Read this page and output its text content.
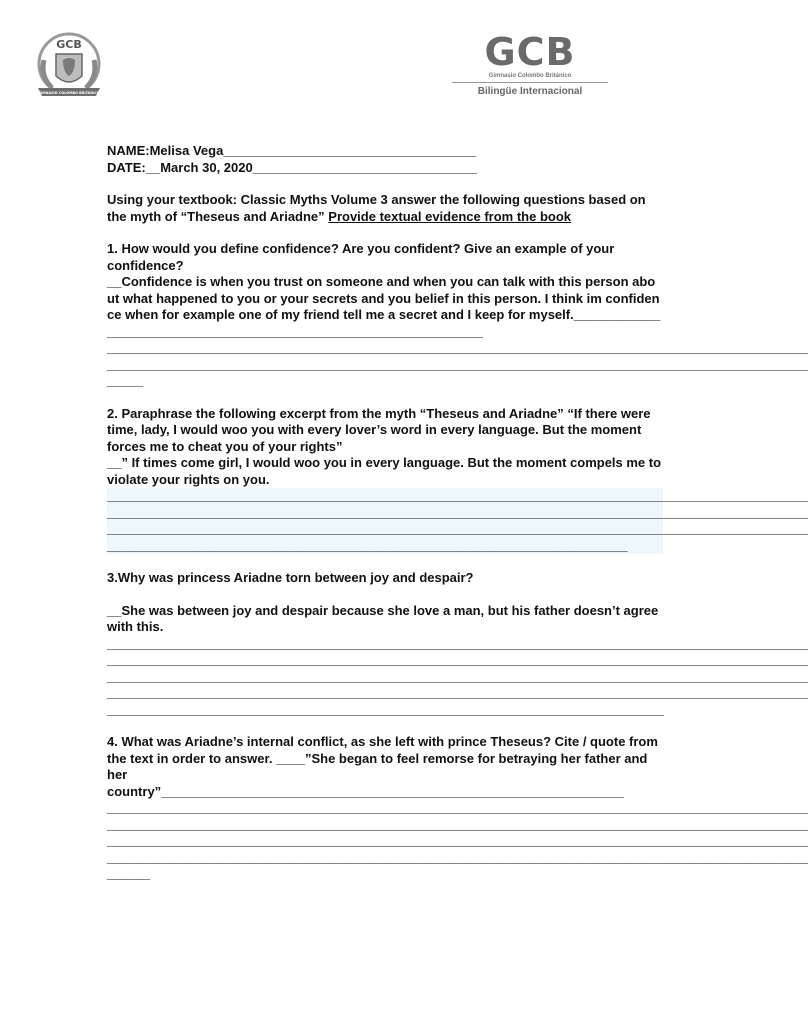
GCB
GIMNASIO COLOMBO BRITÁNICO
GCB
Gimnasio Colombo Británico
Bilingüe Internacional

NAME:Melisa Vega___________________________________

DATE:__March 30, 2020_______________________________

Using your textbook: Classic Myths Volume 3 answer the following questions based on the myth of “Theseus and Ariadne” Provide textual evidence from the book

1. How would you define confidence? Are you confident? Give an example of your confidence?

__Confidence is when you trust on someone and when you can talk with this person about what happened to you or your secrets and you belief in this person. I think im confidence when for example one of my friend tell me a secret and I keep for myself.________________________________________________________________

_________________________________________________________________________________________________

_________________________________________________________________________________________________

_____

2. Paraphrase the following excerpt from the myth “Theseus and Ariadne” “If there were time, lady, I would woo you with every lover’s word in every language. But the moment forces me to cheat you of your rights”

__” If times come girl, I would woo you in every language. But the moment compels me to violate your rights on you.

_________________________________________________________________________________________________

_________________________________________________________________________________________________

_________________________________________________________________________________________________

________________________________________________________________________

3.Why was princess Ariadne torn between joy and despair?

__She was between joy and despair because she love a man, but his father doesn’t agree with this.

_________________________________________________________________________________________________

_________________________________________________________________________________________________

_________________________________________________________________________________________________

_________________________________________________________________________________________________

_____________________________________________________________________________

4. What was Ariadne’s internal conflict, as she left with prince Theseus? Cite / quote from the text in order to answer. ____”She began to feel remorse for betraying her father and her

country”________________________________________________________________

_________________________________________________________________________________________________

_________________________________________________________________________________________________

_________________________________________________________________________________________________

_________________________________________________________________________________________________

______
